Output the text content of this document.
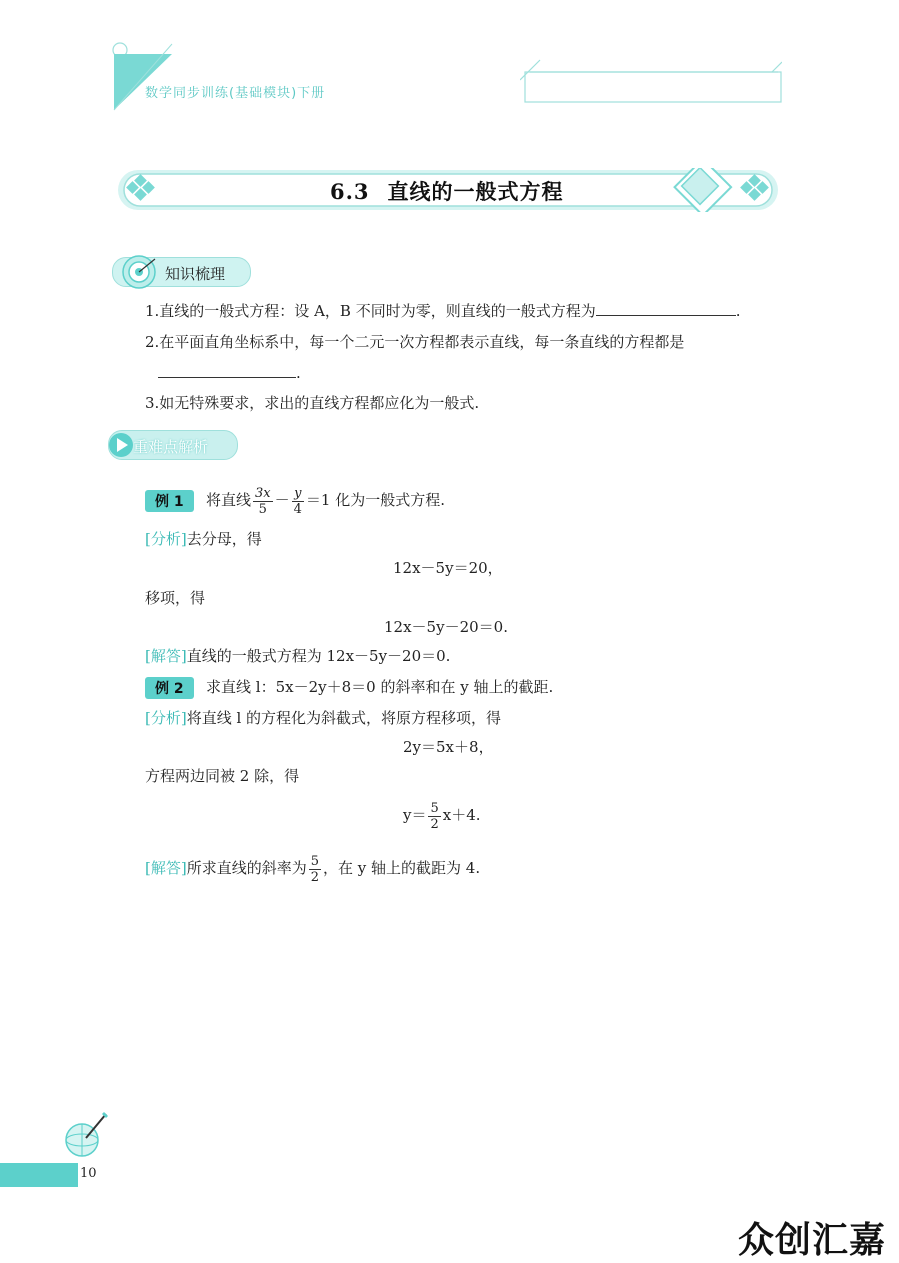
数学同步训练(基础模块)下册
6.3 直线的一般式方程
知识梳理
1.直线的一般式方程：设 A，B 不同时为零，则直线的一般式方程为	.
2.在平面直角坐标系中，每一个二元一次方程都表示直线，每一条直线的方程都是
.
3.如无特殊要求，求出的直线方程都应化为一般式.
重难点解析
例 1	将直线 $\frac{3x}{5} - \frac{y}{4} =1$ 化为一般式方程.
[分析]去分母，得
12x－5y＝20，
移项，得
12x－5y－20＝0.
[解答]直线的一般式方程为 12x－5y－20＝0.
例 2	求直线 l：5x－2y＋8＝0 的斜率和在 y 轴上的截距.
[分析]将直线 l 的方程化为斜截式，将原方程移项，得
2y＝5x＋8，
方程两边同被 2 除，得
$y= \frac{5}{2} x+4$.
[解答]所求直线的斜率为 $\frac{5}{2}$ ，在 y 轴上的截距为 4.
10
众创汇嘉
